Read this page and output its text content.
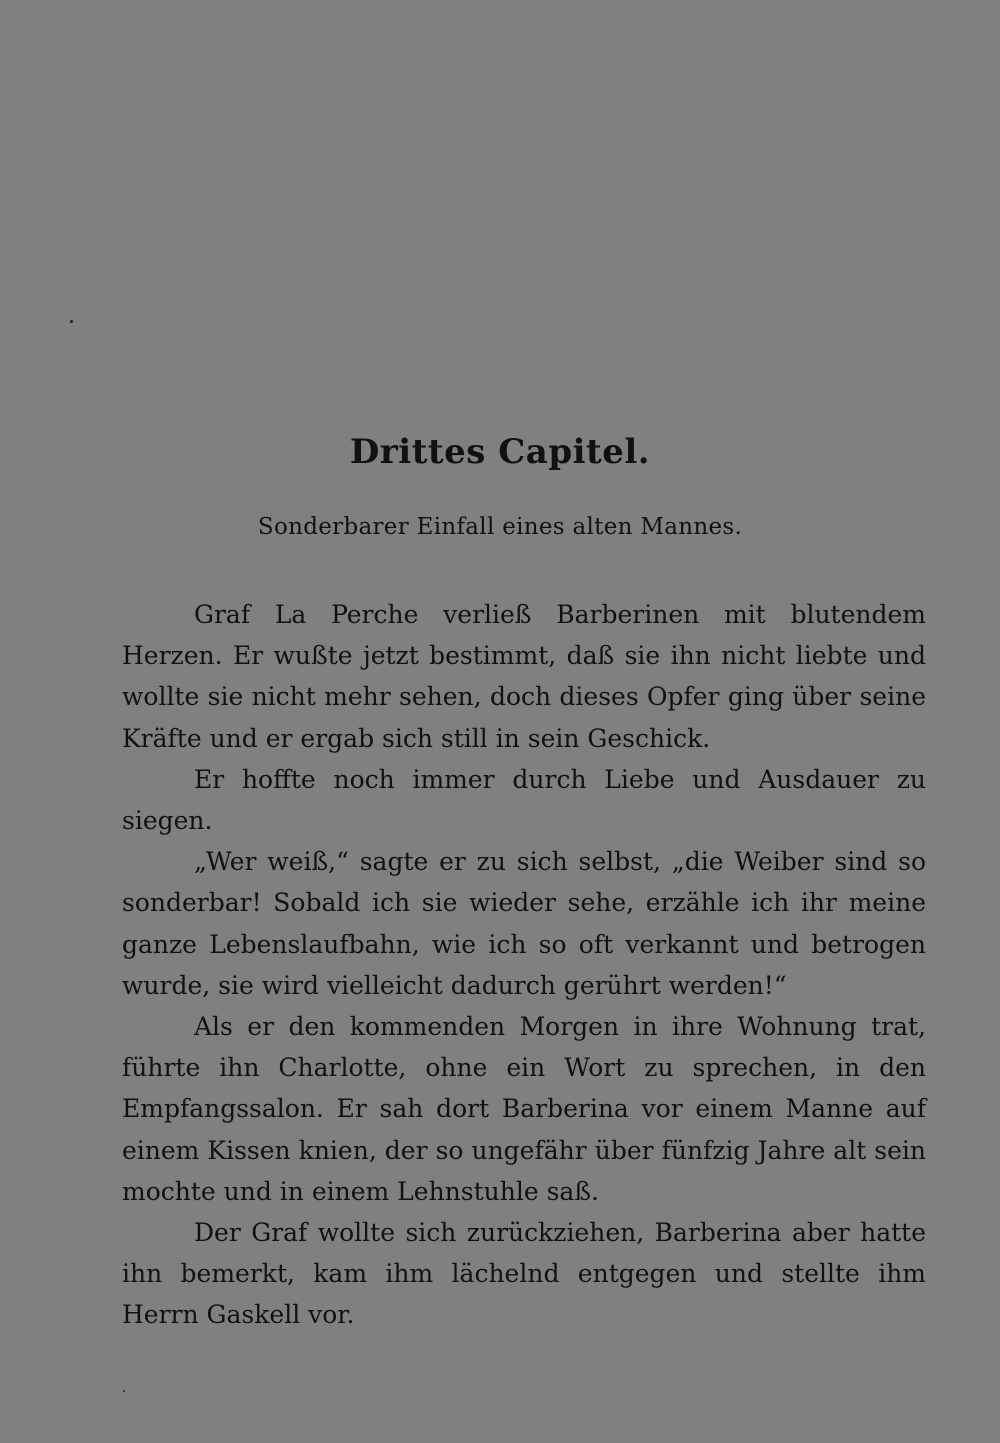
Drittes Capitel.
Sonderbarer Einfall eines alten Mannes.

Graf La Perche verließ Barberinen mit blutendem Herzen. Er wußte jetzt bestimmt, daß sie ihn nicht liebte und wollte sie nicht mehr sehen, doch dieses Opfer ging über seine Kräfte und er ergab sich still in sein Geschick.

Er hoffte noch immer durch Liebe und Ausdauer zu siegen.

„Wer weiß,“ sagte er zu sich selbst, „die Weiber sind so sonderbar! Sobald ich sie wieder sehe, erzähle ich ihr meine ganze Lebenslaufbahn, wie ich so oft verkannt und betrogen wurde, sie wird vielleicht dadurch gerührt werden!“

Als er den kommenden Morgen in ihre Wohnung trat, führte ihn Charlotte, ohne ein Wort zu sprechen, in den Empfangssalon. Er sah dort Barberina vor einem Manne auf einem Kissen knien, der so ungefähr über fünfzig Jahre alt sein mochte und in einem Lehnstuhle saß.

Der Graf wollte sich zurückziehen, Barberina aber hatte ihn bemerkt, kam ihm lächelnd entgegen und stellte ihm Herrn Gaskell vor.
